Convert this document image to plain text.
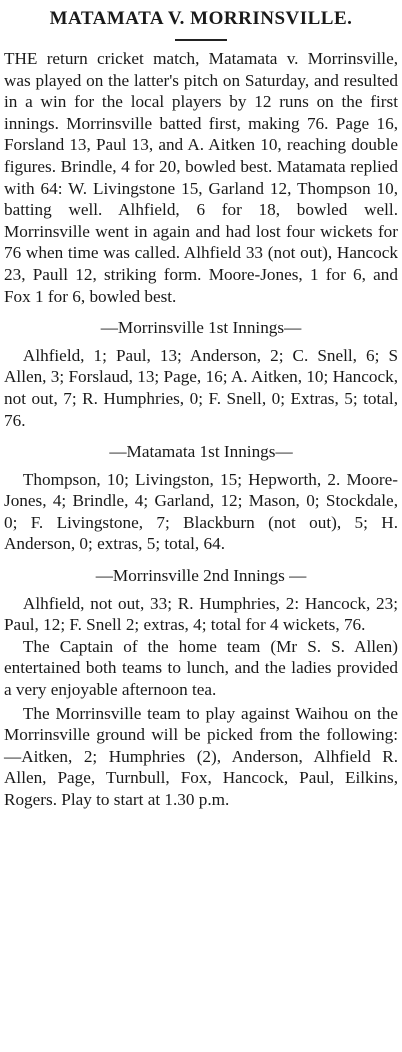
MATAMATA V. MORRINSVILLE.

THE return cricket match, Matamata v. Morrinsville, was played on the latter's pitch on Saturday, and resulted in a win for the local players by 12 runs on the first innings. Morrinsville batted first, making 76. Page 16, Forsland 13, Paul 13, and A. Aitken 10, reaching double figures. Brindle, 4 for 20, bowled best. Matamata replied with 64: W. Livingstone 15, Garland 12, Thompson 10, batting well. Alhfield, 6 for 18, bowled well. Morrinsville went in again and had lost four wickets for 76 when time was called. Alhfield 33 (not out), Hancock 23, Paull 12, striking form. Moore-Jones, 1 for 6, and Fox 1 for 6, bowled best.

—Morrinsville 1st Innings—

Alhfield, 1; Paul, 13; Anderson, 2; C. Snell, 6; S Allen, 3; Forslaud, 13; Page, 16; A. Aitken, 10; Hancock, not out, 7; R. Humphries, 0; F. Snell, 0; Extras, 5; total, 76.

—Matamata 1st Innings—

Thompson, 10; Livingston, 15; Hepworth, 2. Moore-Jones, 4; Brindle, 4; Garland, 12; Mason, 0; Stockdale, 0; F. Livingstone, 7; Blackburn (not out), 5; H. Anderson, 0; extras, 5; total, 64.

—Morrinsville 2nd Innings —

Alhfield, not out, 33; R. Humphries, 2: Hancock, 23; Paul, 12; F. Snell 2; extras, 4; total for 4 wickets, 76.

The Captain of the home team (Mr S. S. Allen) entertained both teams to lunch, and the ladies provided a very enjoyable afternoon tea.

The Morrinsville team to play against Waihou on the Morrinsville ground will be picked from the following:—Aitken, 2; Humphries (2), Anderson, Alhfield R. Allen, Page, Turnbull, Fox, Hancock, Paul, Eilkins, Rogers. Play to start at 1.30 p.m.
